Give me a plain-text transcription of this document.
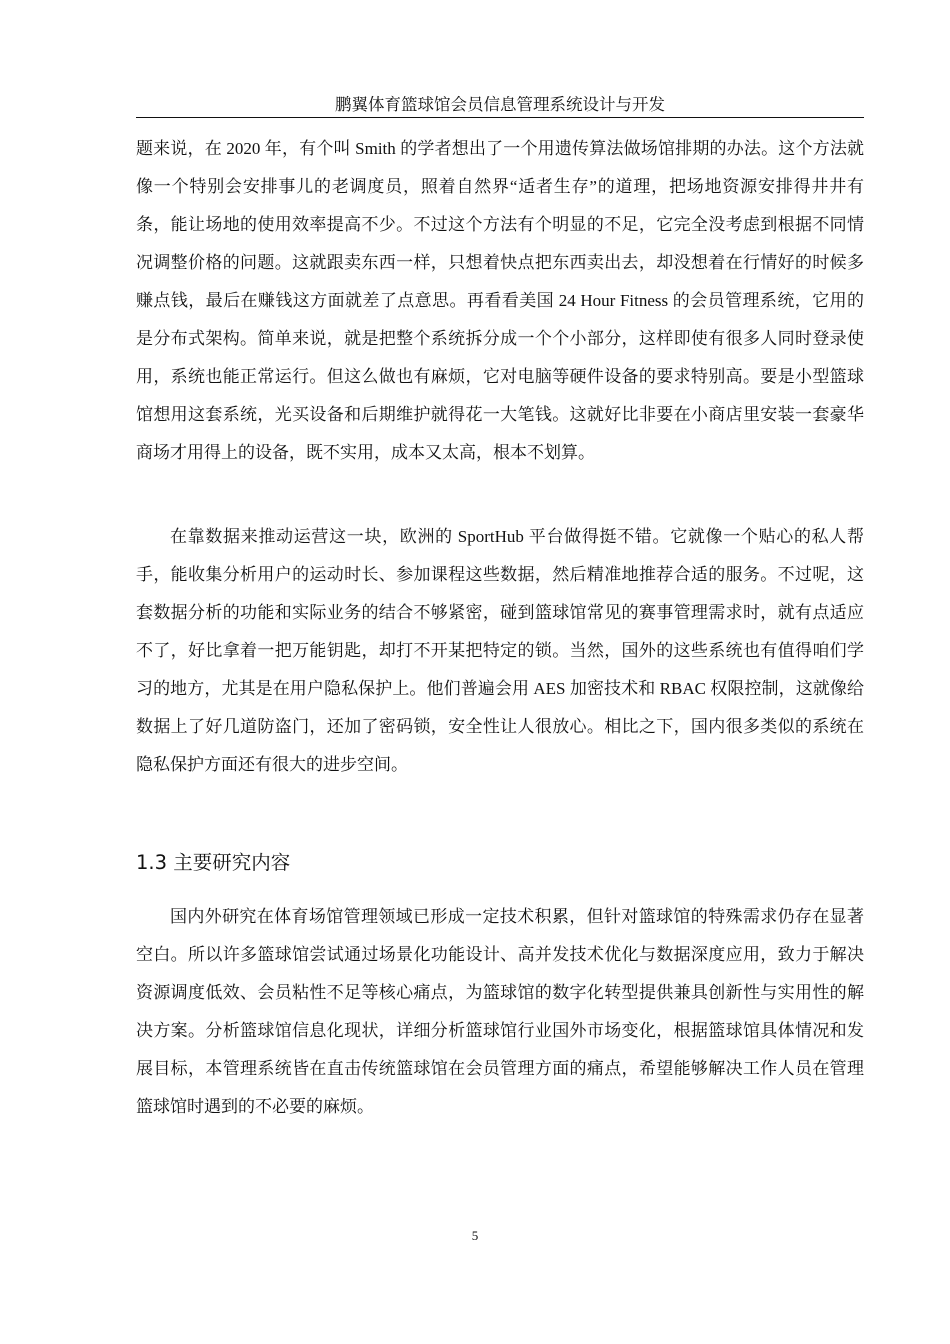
鹏翼体育篮球馆会员信息管理系统设计与开发

题来说，在 2020 年，有个叫 Smith 的学者想出了一个用遗传算法做场馆排期的办法。这个方法就像一个特别会安排事儿的老调度员，照着自然界“适者生存”的道理，把场地资源安排得井井有条，能让场地的使用效率提高不少。不过这个方法有个明显的不足，它完全没考虑到根据不同情况调整价格的问题。这就跟卖东西一样，只想着快点把东西卖出去，却没想着在行情好的时候多赚点钱，最后在赚钱这方面就差了点意思。再看看美国 24 Hour Fitness 的会员管理系统，它用的是分布式架构。简单来说，就是把整个系统拆分成一个个小部分，这样即使有很多人同时登录使用，系统也能正常运行。但这么做也有麻烦，它对电脑等硬件设备的要求特别高。要是小型篮球馆想用这套系统，光买设备和后期维护就得花一大笔钱。这就好比非要在小商店里安装一套豪华商场才用得上的设备，既不实用，成本又太高，根本不划算。

在靠数据来推动运营这一块，欧洲的 SportHub 平台做得挺不错。它就像一个贴心的私人帮手，能收集分析用户的运动时长、参加课程这些数据，然后精准地推荐合适的服务。不过呢，这套数据分析的功能和实际业务的结合不够紧密，碰到篮球馆常见的赛事管理需求时，就有点适应不了，好比拿着一把万能钥匙，却打不开某把特定的锁。当然，国外的这些系统也有值得咱们学习的地方，尤其是在用户隐私保护上。他们普遍会用 AES 加密技术和 RBAC 权限控制，这就像给数据上了好几道防盗门，还加了密码锁，安全性让人很放心。相比之下，国内很多类似的系统在隐私保护方面还有很大的进步空间。

1.3 主要研究内容

国内外研究在体育场馆管理领域已形成一定技术积累，但针对篮球馆的特殊需求仍存在显著空白。所以许多篮球馆尝试通过场景化功能设计、高并发技术优化与数据深度应用，致力于解决资源调度低效、会员粘性不足等核心痛点，为篮球馆的数字化转型提供兼具创新性与实用性的解决方案。分析篮球馆信息化现状，详细分析篮球馆行业国外市场变化，根据篮球馆具体情况和发展目标，本管理系统皆在直击传统篮球馆在会员管理方面的痛点，希望能够解决工作人员在管理篮球馆时遇到的不必要的麻烦。

5
